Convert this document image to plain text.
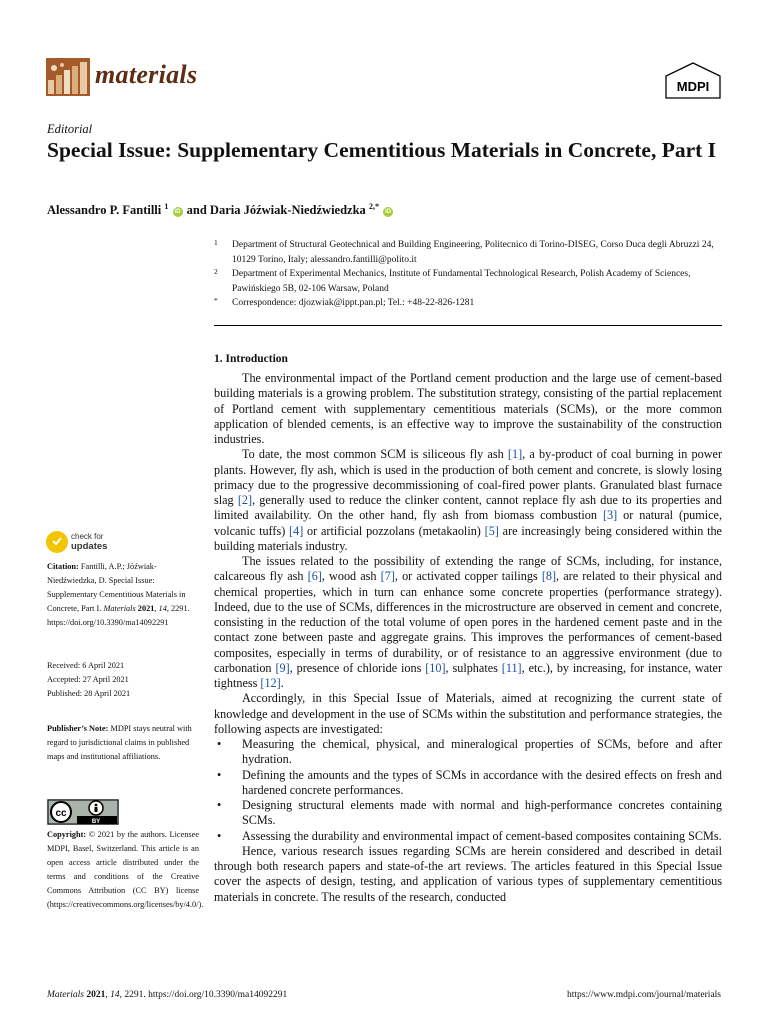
materials	MDPI
Editorial
Special Issue: Supplementary Cementitious Materials in Concrete, Part I
Alessandro P. Fantilli $^1$ iD and Daria Jóźwiak-Niedźwiedzka $^{2,*}$ iD
1 Department of Structural Geotechnical and Building Engineering, Politecnico di Torino-DISEG, Corso Duca degli Abruzzi 24, 10129 Torino, Italy; alessandro.fantilli@polito.it
2 Department of Experimental Mechanics, Institute of Fundamental Technological Research, Polish Academy of Sciences, Pawińskiego 5B, 02-106 Warsaw, Poland
* Correspondence: djozwiak@ippt.pan.pl; Tel.: +48-22-826-1281
check for
updates
Citation: Fantilli, A.P.; Jóźwiak-Niedźwiedzka, D. Special Issue: Supplementary Cementitious Materials in Concrete, Part I. Materials 2021, 14, 2291. https://doi.org/10.3390/ma14092291
Received: 6 April 2021
Accepted: 27 April 2021
Published: 28 April 2021
Publisher’s Note: MDPI stays neutral with regard to jurisdictional claims in published maps and institutional affiliations.
cc
BY
Copyright: © 2021 by the authors. Licensee MDPI, Basel, Switzerland. This article is an open access article distributed under the terms and conditions of the Creative Commons Attribution (CC BY) license (https://creativecommons.org/licenses/by/4.0/).
1. Introduction

The environmental impact of the Portland cement production and the large use of cement-based building materials is a growing problem. The substitution strategy, consisting of the partial replacement of Portland cement with supplementary cementitious materials (SCMs), or the more common application of blended cements, is an effective way to improve the sustainability of the construction industries.

To date, the most common SCM is siliceous fly ash [1], a by-product of coal burning in power plants. However, fly ash, which is used in the production of both cement and concrete, is slowly losing primacy due to the progressive decommissioning of coal-fired power plants. Granulated blast furnace slag [2], generally used to reduce the clinker content, cannot replace fly ash due to its properties and limited availability. On the other hand, fly ash from biomass combustion [3] or natural (pumice, volcanic tuffs) [4] or artificial pozzolans (metakaolin) [5] are increasingly being considered within the building materials industry.

The issues related to the possibility of extending the range of SCMs, including, for instance, calcareous fly ash [6], wood ash [7], or activated copper tailings [8], are related to their physical and chemical properties, which in turn can enhance some concrete properties (performance strategy). Indeed, due to the use of SCMs, differences in the microstructure are observed in cement and concrete, consisting in the reduction of the total volume of open pores in the hardened cement paste and in the contact zone between paste and aggregate grains. This improves the performances of cement-based composites, especially in terms of durability, or of resistance to an aggressive environment (due to carbonation [9], presence of chloride ions [10], sulphates [11], etc.), by increasing, for instance, water tightness [12].

Accordingly, in this Special Issue of Materials, aimed at recognizing the current state of knowledge and development in the use of SCMs within the substitution and performance strategies, the following aspects are investigated:

• Measuring the chemical, physical, and mineralogical properties of SCMs, before and after hydration.
• Defining the amounts and the types of SCMs in accordance with the desired effects on fresh and hardened concrete performances.
• Designing structural elements made with normal and high-performance concretes containing SCMs.
• Assessing the durability and environmental impact of cement-based composites containing SCMs.

Hence, various research issues regarding SCMs are herein considered and described in detail through both research papers and state-of-the art reviews. The articles featured in this Special Issue cover the aspects of design, testing, and application of various types of supplementary cementitious materials in concrete. The results of the research, conducted

Materials 2021, 14, 2291. https://doi.org/10.3390/ma14092291	https://www.mdpi.com/journal/materials
